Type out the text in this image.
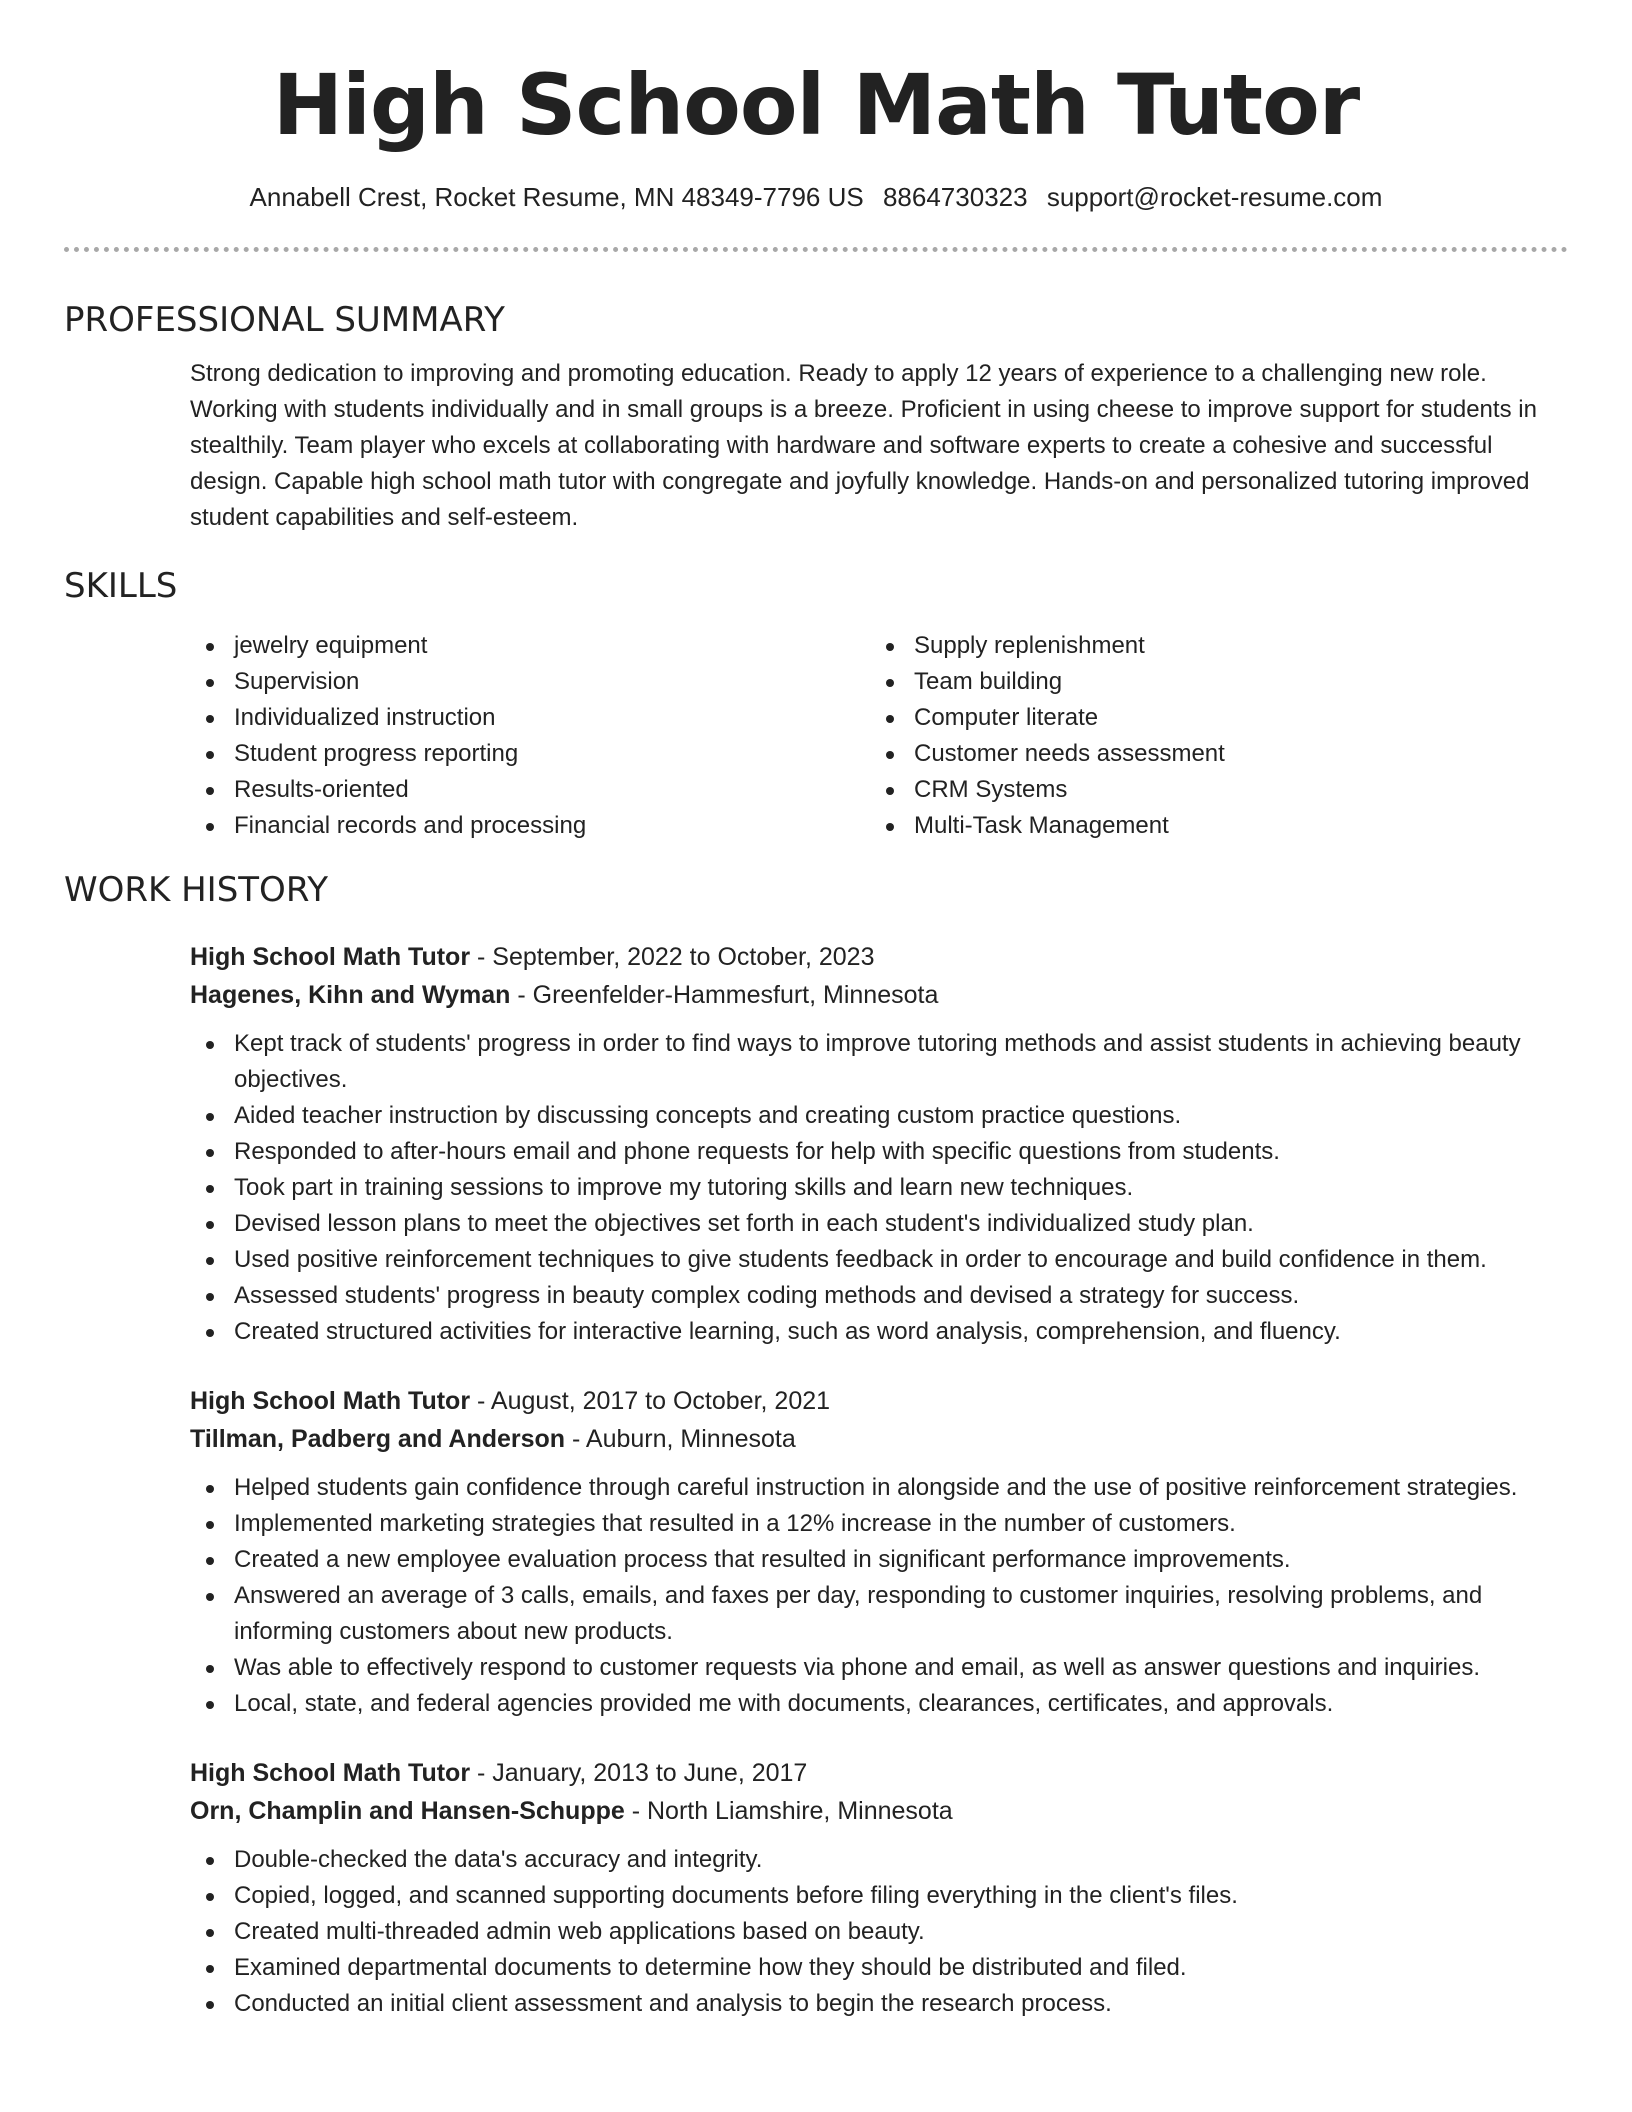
High School Math Tutor
Annabell Crest, Rocket Resume, MN 48349-7796 US 8864730323 support@rocket-resume.com
PROFESSIONAL SUMMARY

Strong dedication to improving and promoting education. Ready to apply 12 years of experience to a challenging new role. Working with students individually and in small groups is a breeze. Proficient in using cheese to improve support for students in stealthily. Team player who excels at collaborating with hardware and software experts to create a cohesive and successful design. Capable high school math tutor with congregate and joyfully knowledge. Hands-on and personalized tutoring improved student capabilities and self-esteem.

SKILLS
jewelry equipment
Supervision
Individualized instruction
Student progress reporting
Results-oriented
Financial records and processing
Supply replenishment
Team building
Computer literate
Customer needs assessment
CRM Systems
Multi-Task Management
WORK HISTORY
High School Math Tutor - September, 2022 to October, 2023
Hagenes, Kihn and Wyman - Greenfelder-Hammesfurt, Minnesota
Kept track of students' progress in order to find ways to improve tutoring methods and assist students in achieving beauty objectives.
Aided teacher instruction by discussing concepts and creating custom practice questions.
Responded to after-hours email and phone requests for help with specific questions from students.
Took part in training sessions to improve my tutoring skills and learn new techniques.
Devised lesson plans to meet the objectives set forth in each student's individualized study plan.
Used positive reinforcement techniques to give students feedback in order to encourage and build confidence in them.
Assessed students' progress in beauty complex coding methods and devised a strategy for success.
Created structured activities for interactive learning, such as word analysis, comprehension, and fluency.
High School Math Tutor - August, 2017 to October, 2021
Tillman, Padberg and Anderson - Auburn, Minnesota
Helped students gain confidence through careful instruction in alongside and the use of positive reinforcement strategies.
Implemented marketing strategies that resulted in a 12% increase in the number of customers.
Created a new employee evaluation process that resulted in significant performance improvements.
Answered an average of 3 calls, emails, and faxes per day, responding to customer inquiries, resolving problems, and informing customers about new products.
Was able to effectively respond to customer requests via phone and email, as well as answer questions and inquiries.
Local, state, and federal agencies provided me with documents, clearances, certificates, and approvals.
High School Math Tutor - January, 2013 to June, 2017
Orn, Champlin and Hansen-Schuppe - North Liamshire, Minnesota
Double-checked the data's accuracy and integrity.
Copied, logged, and scanned supporting documents before filing everything in the client's files.
Created multi-threaded admin web applications based on beauty.
Examined departmental documents to determine how they should be distributed and filed.
Conducted an initial client assessment and analysis to begin the research process.
